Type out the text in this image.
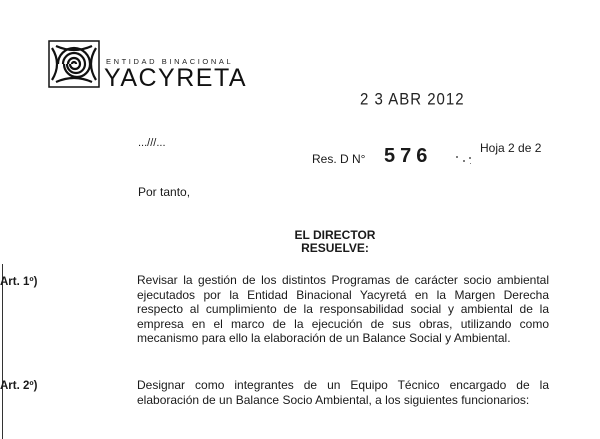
ENTIDAD BINACIONAL
YACYRETA
2 3 ABR 2012
...///...
Res. D N° 576	Hoja 2 de 2
Por tanto,
EL DIRECTOR
RESUELVE:
Art. 1º)	Revisar la gestión de los distintos Programas de carácter socio ambiental ejecutados por la Entidad Binacional Yacyretá en la Margen Derecha respecto al cumplimiento de la responsabilidad social y ambiental de la empresa en el marco de la ejecución de sus obras, utilizando como mecanismo para ello la elaboración de un Balance Social y Ambiental.

Art. 2º)	Designar como integrantes de un Equipo Técnico encargado de la elaboración de un Balance Socio Ambiental, a los siguientes funcionarios:
